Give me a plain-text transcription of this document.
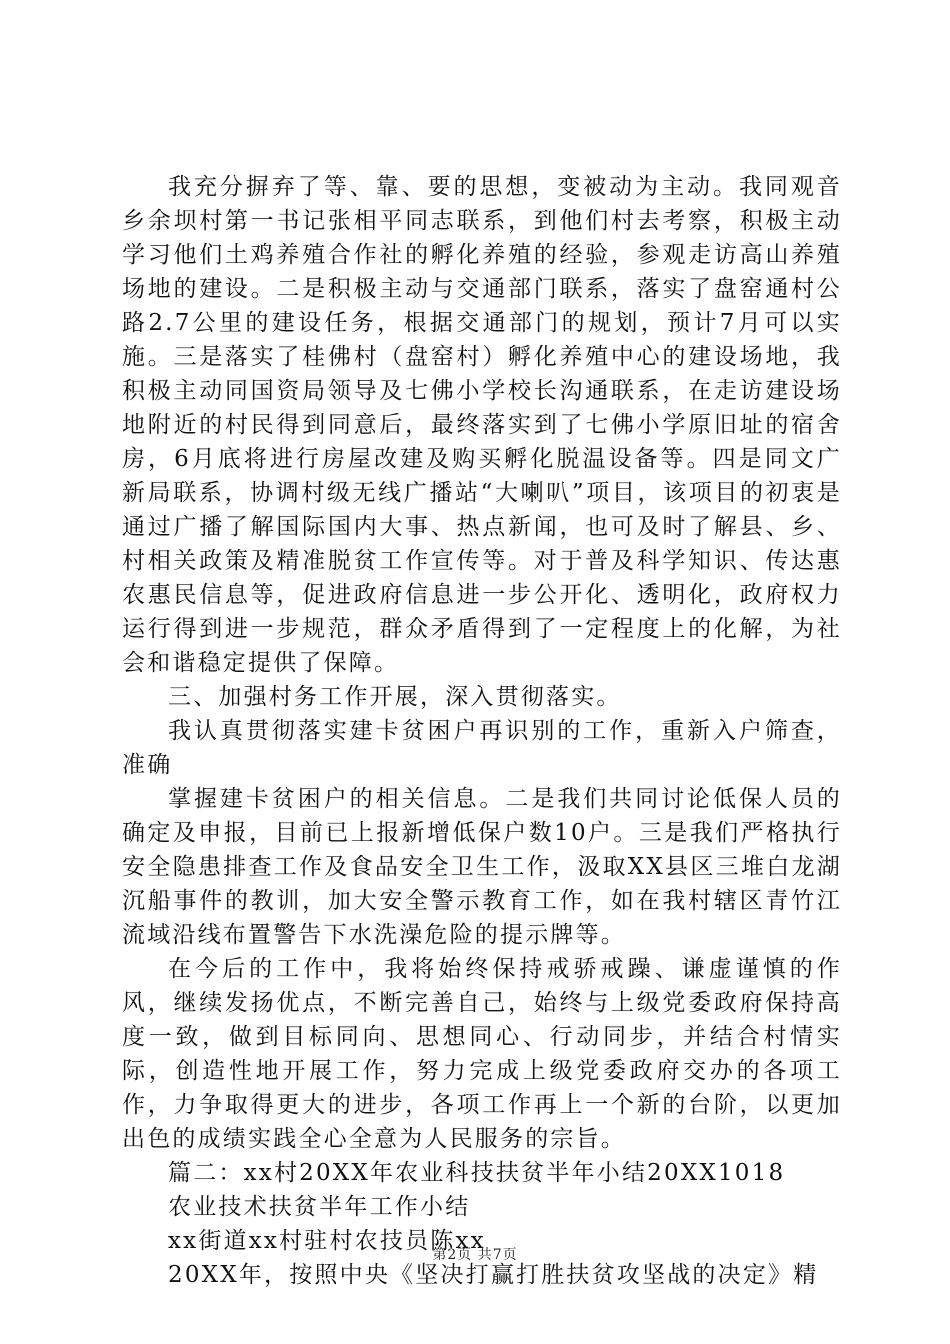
我充分摒弃了等、靠、要的思想，变被动为主动。我同观音乡余坝村第一书记张相平同志联系，到他们村去考察，积极主动学习他们土鸡养殖合作社的孵化养殖的经验，参观走访高山养殖场地的建设。二是积极主动与交通部门联系，落实了盘窑通村公路2.7公里的建设任务，根据交通部门的规划，预计7月可以实施。三是落实了桂佛村（盘窑村）孵化养殖中心的建设场地，我积极主动同国资局领导及七佛小学校长沟通联系，在走访建设场地附近的村民得到同意后，最终落实到了七佛小学原旧址的宿舍房，6月底将进行房屋改建及购买孵化脱温设备等。四是同文广新局联系，协调村级无线广播站“大喇叭”项目，该项目的初衷是通过广播了解国际国内大事、热点新闻，也可及时了解县、乡、村相关政策及精准脱贫工作宣传等。对于普及科学知识、传达惠农惠民信息等，促进政府信息进一步公开化、透明化，政府权力运行得到进一步规范，群众矛盾得到了一定程度上的化解，为社会和谐稳定提供了保障。

三、加强村务工作开展，深入贯彻落实。

我认真贯彻落实建卡贫困户再识别的工作，重新入户筛查，准确

掌握建卡贫困户的相关信息。二是我们共同讨论低保人员的确定及申报，目前已上报新增低保户数10户。三是我们严格执行安全隐患排查工作及食品安全卫生工作，汲取XX县区三堆白龙湖沉船事件的教训，加大安全警示教育工作，如在我村辖区青竹江流域沿线布置警告下水洗澡危险的提示牌等。

在今后的工作中，我将始终保持戒骄戒躁、谦虚谨慎的作风，继续发扬优点，不断完善自己，始终与上级党委政府保持高度一致，做到目标同向、思想同心、行动同步，并结合村情实际，创造性地开展工作，努力完成上级党委政府交办的各项工作，力争取得更大的进步，各项工作再上一个新的台阶，以更加出色的成绩实践全心全意为人民服务的宗旨。

篇二：xx村20XX年农业科技扶贫半年小结20XX1018

农业技术扶贫半年工作小结

xx街道xx村驻村农技员陈xx

20XX年，按照中央《坚决打赢打胜扶贫攻坚战的决定》精

第2页 共7页
